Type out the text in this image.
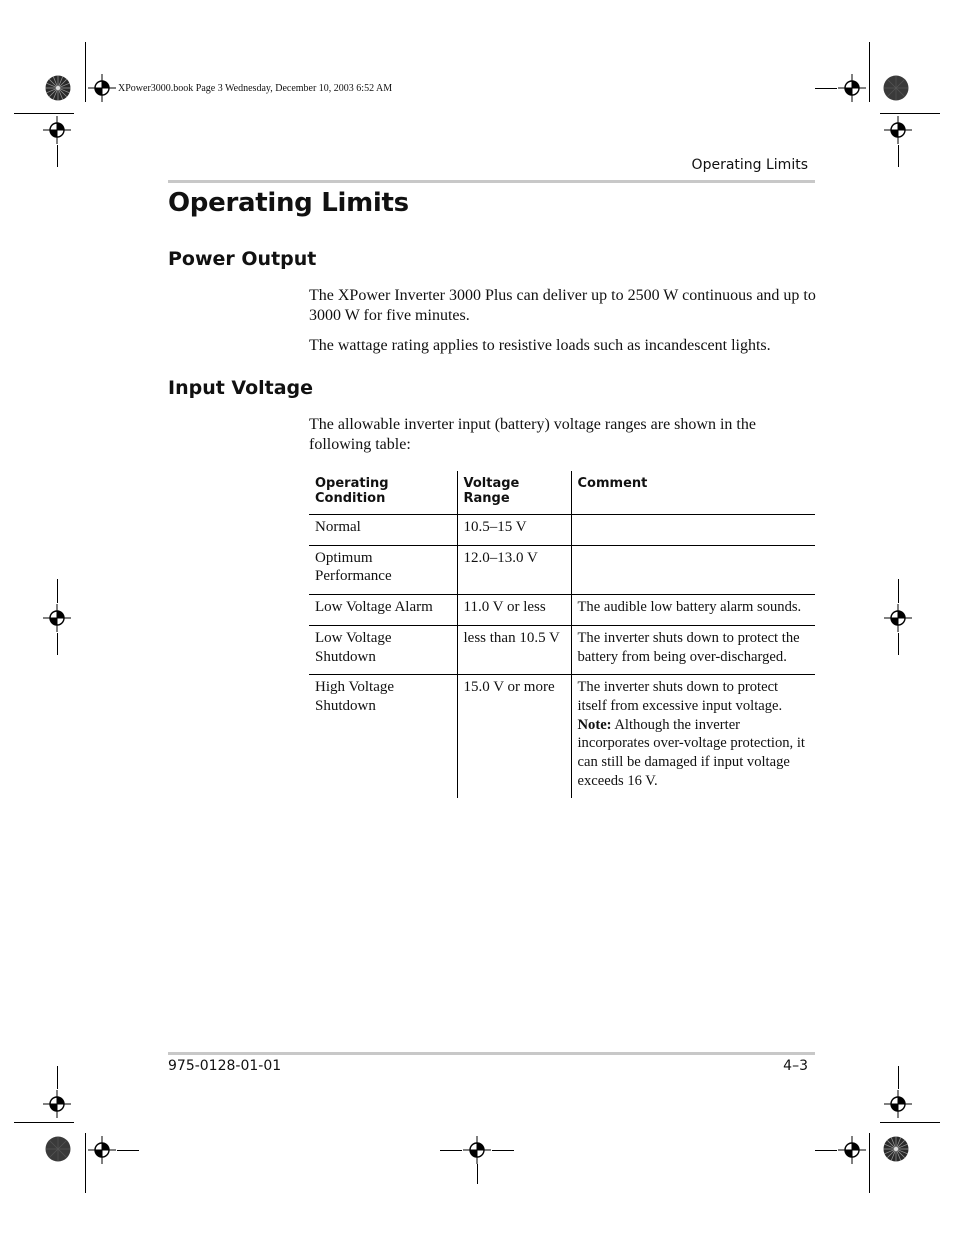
XPower3000.book Page 3 Wednesday, December 10, 2003 6:52 AM
Operating Limits
Operating Limits
Power Output

The XPower Inverter 3000 Plus can deliver up to 2500 W continuous and up to 3000 W for five minutes.

The wattage rating applies to resistive loads such as incandescent lights.

Input Voltage

The allowable inverter input (battery) voltage ranges are shown in the following table:

Operating Condition	Voltage Range	Comment
Normal	10.5–15 V	
Optimum Performance	12.0–13.0 V	
Low Voltage Alarm	11.0 V or less	The audible low battery alarm sounds.
Low Voltage Shutdown	less than 10.5 V	The inverter shuts down to protect the battery from being over-discharged.
High Voltage Shutdown	15.0 V or more	The inverter shuts down to protect itself from excessive input voltage.
Note: Although the inverter incorporates over-voltage protection, it can still be damaged if input voltage exceeds 16 V.
975-0128-01-01	4–3
